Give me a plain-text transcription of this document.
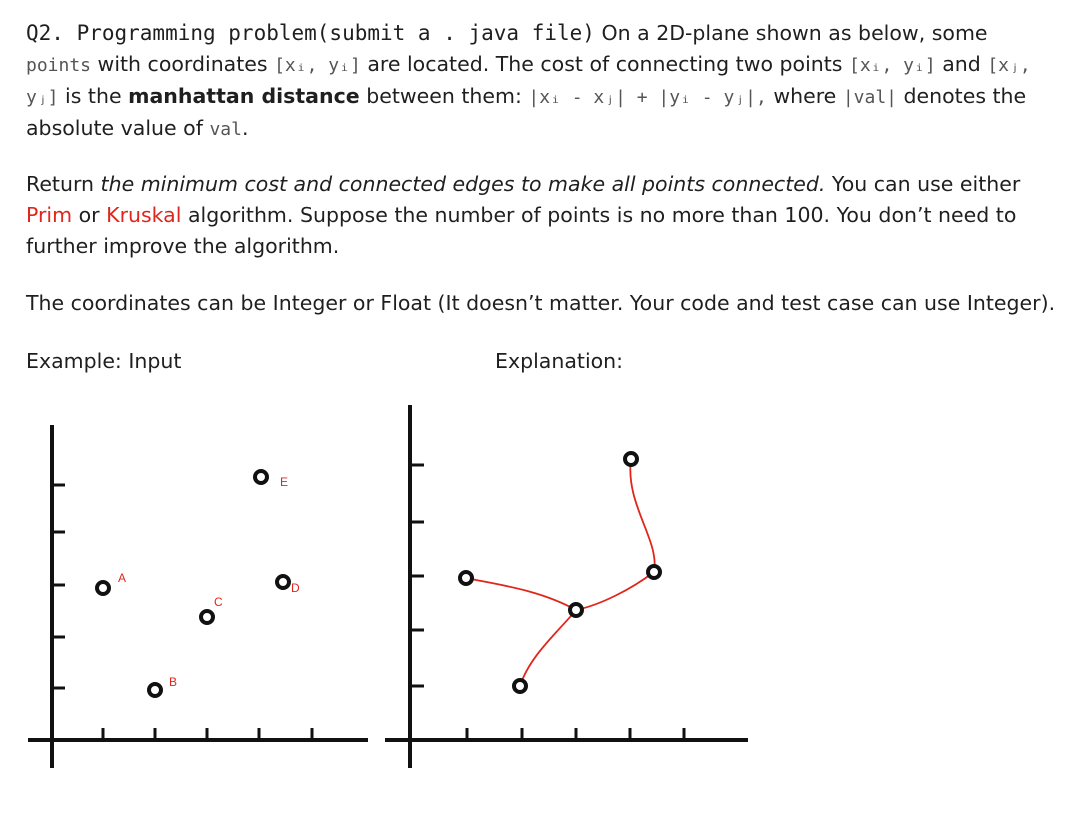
Q2. Programming problem(submit a . java file) On a 2D-plane shown as below, some points with coordinates [xᵢ, yᵢ] are located. The cost of connecting two points [xᵢ, yᵢ] and [xⱼ, yⱼ] is the manhattan distance between them: |xᵢ - xⱼ| + |yᵢ - yⱼ|, where |val| denotes the absolute value of val.

Return the minimum cost and connected edges to make all points connected. You can use either Prim or Kruskal algorithm. Suppose the number of points is no more than 100. You don’t need to further improve the algorithm.

The coordinates can be Integer or Float (It doesn’t matter. Your code and test case can use Integer).

Example: Input	Explanation:
A
B
C
D
E
